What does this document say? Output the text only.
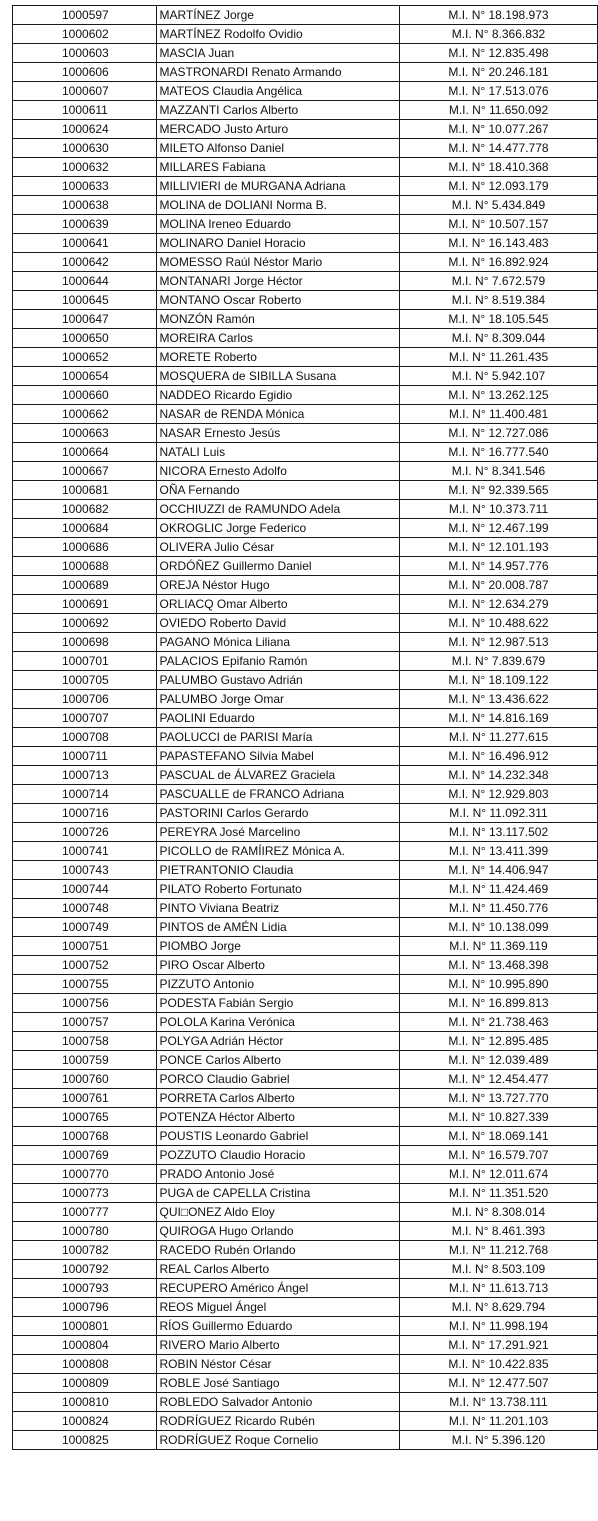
1000597	MARTÍNEZ Jorge	M.I. N° 18.198.973
1000602	MARTÍNEZ Rodolfo Ovidio	M.I. N° 8.366.832
1000603	MASCIA Juan	M.I. N° 12.835.498
1000606	MASTRONARDI Renato Armando	M.I. N° 20.246.181
1000607	MATEOS Claudia Angélica	M.I. N° 17.513.076
1000611	MAZZANTI Carlos Alberto	M.I. N° 11.650.092
1000624	MERCADO Justo Arturo	M.I. N° 10.077.267
1000630	MILETO Alfonso Daniel	M.I. N° 14.477.778
1000632	MILLARES Fabiana	M.I. N° 18.410.368
1000633	MILLIVIERI de MURGANA Adriana	M.I. N° 12.093.179
1000638	MOLINA de DOLIANI Norma B.	M.I. N° 5.434.849
1000639	MOLINA Ireneo Eduardo	M.I. N° 10.507.157
1000641	MOLINARO Daniel Horacio	M.I. N° 16.143.483
1000642	MOMESSO Raúl Néstor Mario	M.I. N° 16.892.924
1000644	MONTANARI Jorge Héctor	M.I. N° 7.672.579
1000645	MONTANO Oscar Roberto	M.I. N° 8.519.384
1000647	MONZÓN Ramón	M.I. N° 18.105.545
1000650	MOREIRA Carlos	M.I. N° 8.309.044
1000652	MORETE Roberto	M.I. N° 11.261.435
1000654	MOSQUERA de SIBILLA Susana	M.I. N° 5.942.107
1000660	NADDEO Ricardo Egidio	M.I. N° 13.262.125
1000662	NASAR de RENDA Mónica	M.I. N° 11.400.481
1000663	NASAR Ernesto Jesús	M.I. N° 12.727.086
1000664	NATALI Luis	M.I. N° 16.777.540
1000667	NICORA Ernesto Adolfo	M.I. N° 8.341.546
1000681	OÑA Fernando	M.I. N° 92.339.565
1000682	OCCHIUZZI de RAMUNDO Adela	M.I. N° 10.373.711
1000684	OKROGLIC Jorge Federico	M.I. N° 12.467.199
1000686	OLIVERA Julio César	M.I. N° 12.101.193
1000688	ORDÓÑEZ Guillermo Daniel	M.I. N° 14.957.776
1000689	OREJA Néstor Hugo	M.I. N° 20.008.787
1000691	ORLIACQ Omar Alberto	M.I. N° 12.634.279
1000692	OVIEDO Roberto David	M.I. N° 10.488.622
1000698	PAGANO Mónica Liliana	M.I. N° 12.987.513
1000701	PALACIOS Epifanio Ramón	M.I. N° 7.839.679
1000705	PALUMBO Gustavo Adrián	M.I. N° 18.109.122
1000706	PALUMBO Jorge Omar	M.I. N° 13.436.622
1000707	PAOLINI Eduardo	M.I. N° 14.816.169
1000708	PAOLUCCI de PARISI María	M.I. N° 11.277.615
1000711	PAPASTEFANO Silvia Mabel	M.I. N° 16.496.912
1000713	PASCUAL de ÁLVAREZ Graciela	M.I. N° 14.232.348
1000714	PASCUALLE de FRANCO Adriana	M.I. N° 12.929.803
1000716	PASTORINI Carlos Gerardo	M.I. N° 11.092.311
1000726	PEREYRA José Marcelino	M.I. N° 13.117.502
1000741	PICOLLO de RAMÍIREZ Mónica A.	M.I. N° 13.411.399
1000743	PIETRANTONIO Claudia	M.I. N° 14.406.947
1000744	PILATO Roberto Fortunato	M.I. N° 11.424.469
1000748	PINTO Viviana Beatriz	M.I. N° 11.450.776
1000749	PINTOS de AMÉN Lidia	M.I. N° 10.138.099
1000751	PIOMBO Jorge	M.I. N° 11.369.119
1000752	PIRO Oscar Alberto	M.I. N° 13.468.398
1000755	PIZZUTO Antonio	M.I. N° 10.995.890
1000756	PODESTA Fabián Sergio	M.I. N° 16.899.813
1000757	POLOLA Karina Verónica	M.I. N° 21.738.463
1000758	POLYGA Adrián Héctor	M.I. N° 12.895.485
1000759	PONCE Carlos Alberto	M.I. N° 12.039.489
1000760	PORCO Claudio Gabriel	M.I. N° 12.454.477
1000761	PORRETA Carlos Alberto	M.I. N° 13.727.770
1000765	POTENZA Héctor Alberto	M.I. N° 10.827.339
1000768	POUSTIS Leonardo Gabriel	M.I. N° 18.069.141
1000769	POZZUTO Claudio Horacio	M.I. N° 16.579.707
1000770	PRADO Antonio José	M.I. N° 12.011.674
1000773	PUGA de CAPELLA Cristina	M.I. N° 11.351.520
1000777	QUI□ONEZ Aldo Eloy	M.I. N° 8.308.014
1000780	QUIROGA Hugo Orlando	M.I. N° 8.461.393
1000782	RACEDO Rubén Orlando	M.I. N° 11.212.768
1000792	REAL Carlos Alberto	M.I. N° 8.503.109
1000793	RECUPERO Américo Ángel	M.I. N° 11.613.713
1000796	REOS Miguel Ángel	M.I. N° 8.629.794
1000801	RÍOS Guillermo Eduardo	M.I. N° 11.998.194
1000804	RIVERO Mario Alberto	M.I. N° 17.291.921
1000808	ROBIN Néstor César	M.I. N° 10.422.835
1000809	ROBLE José Santiago	M.I. N° 12.477.507
1000810	ROBLEDO Salvador Antonio	M.I. N° 13.738.111
1000824	RODRÍGUEZ Ricardo Rubén	M.I. N° 11.201.103
1000825	RODRÍGUEZ Roque Cornelio	M.I. N° 5.396.120
